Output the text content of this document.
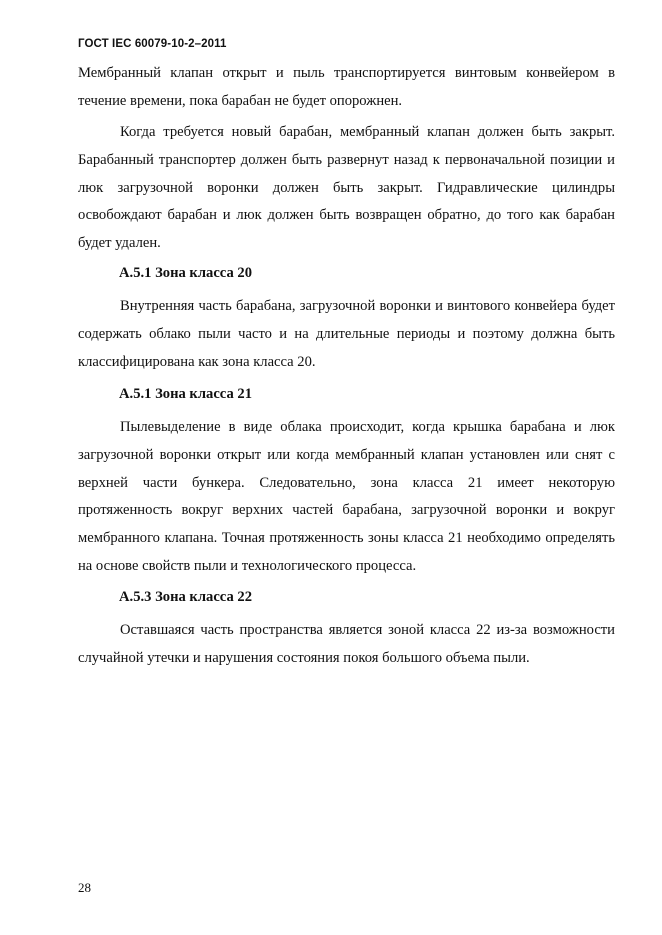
ГОСТ IEC 60079-10-2–2011

Мембранный клапан открыт и пыль транспортируется винтовым конвейером в течение времени, пока барабан не будет опорожнен.

Когда требуется новый барабан, мембранный клапан должен быть закрыт. Барабанный транспортер должен быть развернут назад к первоначальной позиции и люк загрузочной воронки должен быть закрыт. Гидравлические цилиндры освобождают барабан и люк должен быть возвращен обратно, до того как барабан будет удален.

А.5.1 Зона класса 20

Внутренняя часть барабана, загрузочной воронки и винтового конвейера будет содержать облако пыли часто и на длительные периоды и поэтому должна быть классифицирована как зона класса 20.

А.5.1 Зона класса 21

Пылевыделение в виде облака происходит, когда крышка барабана и люк загрузочной воронки открыт или когда мембранный клапан установлен или снят с верхней части бункера. Следовательно, зона класса 21 имеет некоторую протяженность вокруг верхних частей барабана, загрузочной воронки и вокруг мембранного клапана. Точная протяженность зоны класса 21 необходимо определять на основе свойств пыли и технологического процесса.

А.5.3 Зона класса 22

Оставшаяся часть пространства является зоной класса 22 из-за возможности случайной утечки и нарушения состояния покоя большого объема пыли.

28
